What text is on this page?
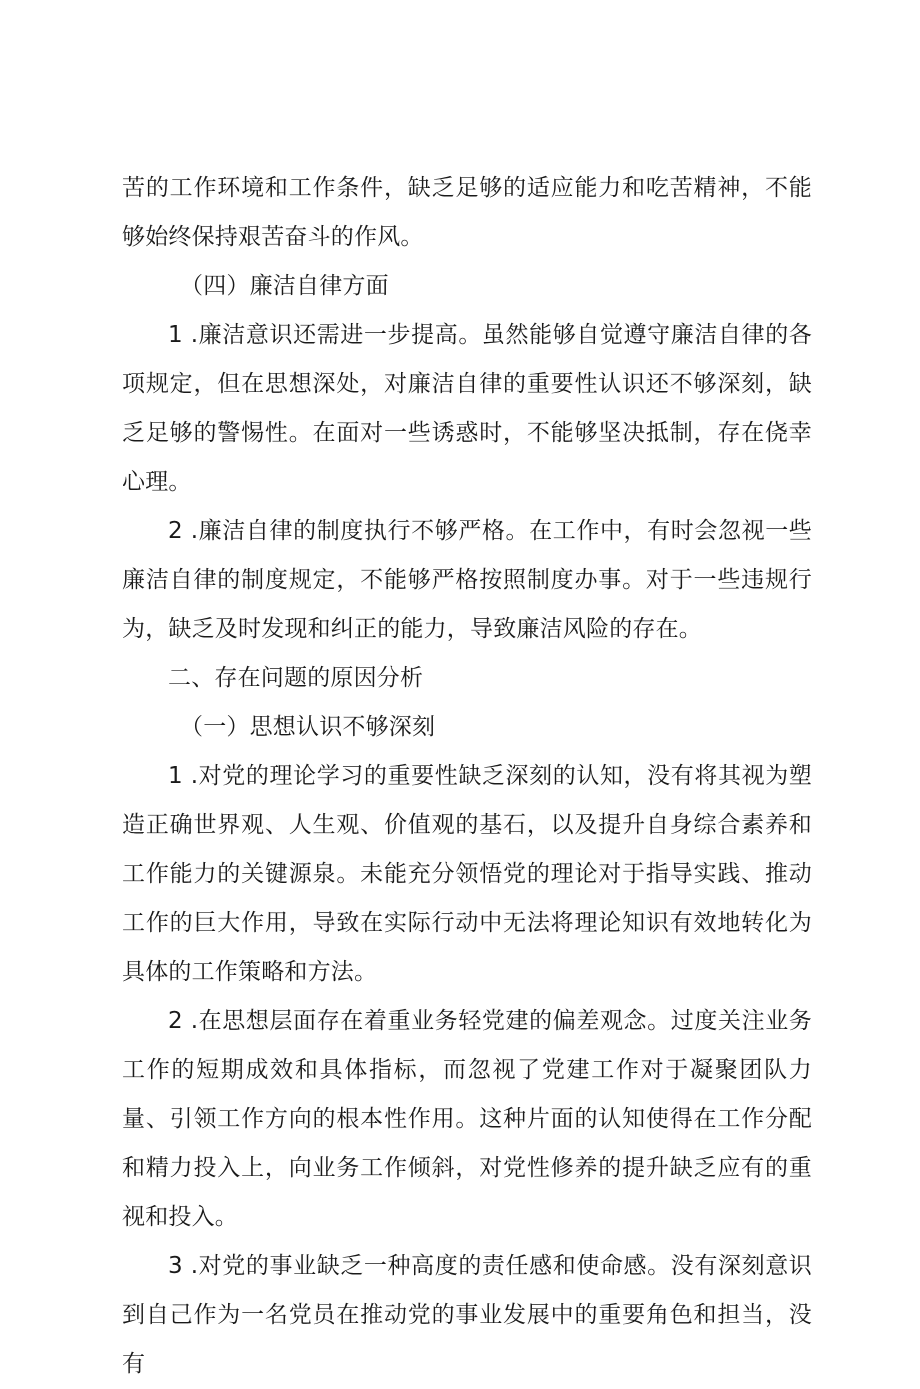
苦的工作环境和工作条件，缺乏足够的适应能力和吃苦精神，不能够始终保持艰苦奋斗的作风。

（四）廉洁自律方面

1 .廉洁意识还需进一步提高。虽然能够自觉遵守廉洁自律的各项规定，但在思想深处，对廉洁自律的重要性认识还不够深刻，缺乏足够的警惕性。在面对一些诱惑时，不能够坚决抵制，存在侥幸心理。

2 .廉洁自律的制度执行不够严格。在工作中，有时会忽视一些廉洁自律的制度规定，不能够严格按照制度办事。对于一些违规行为，缺乏及时发现和纠正的能力，导致廉洁风险的存在。

二、存在问题的原因分析

（一）思想认识不够深刻

1 .对党的理论学习的重要性缺乏深刻的认知，没有将其视为塑造正确世界观、人生观、价值观的基石，以及提升自身综合素养和工作能力的关键源泉。未能充分领悟党的理论对于指导实践、推动工作的巨大作用，导致在实际行动中无法将理论知识有效地转化为具体的工作策略和方法。

2 .在思想层面存在着重业务轻党建的偏差观念。过度关注业务工作的短期成效和具体指标，而忽视了党建工作对于凝聚团队力量、引领工作方向的根本性作用。这种片面的认知使得在工作分配和精力投入上，向业务工作倾斜，对党性修养的提升缺乏应有的重视和投入。

3 .对党的事业缺乏一种高度的责任感和使命感。没有深刻意识到自己作为一名党员在推动党的事业发展中的重要角色和担当，没有
